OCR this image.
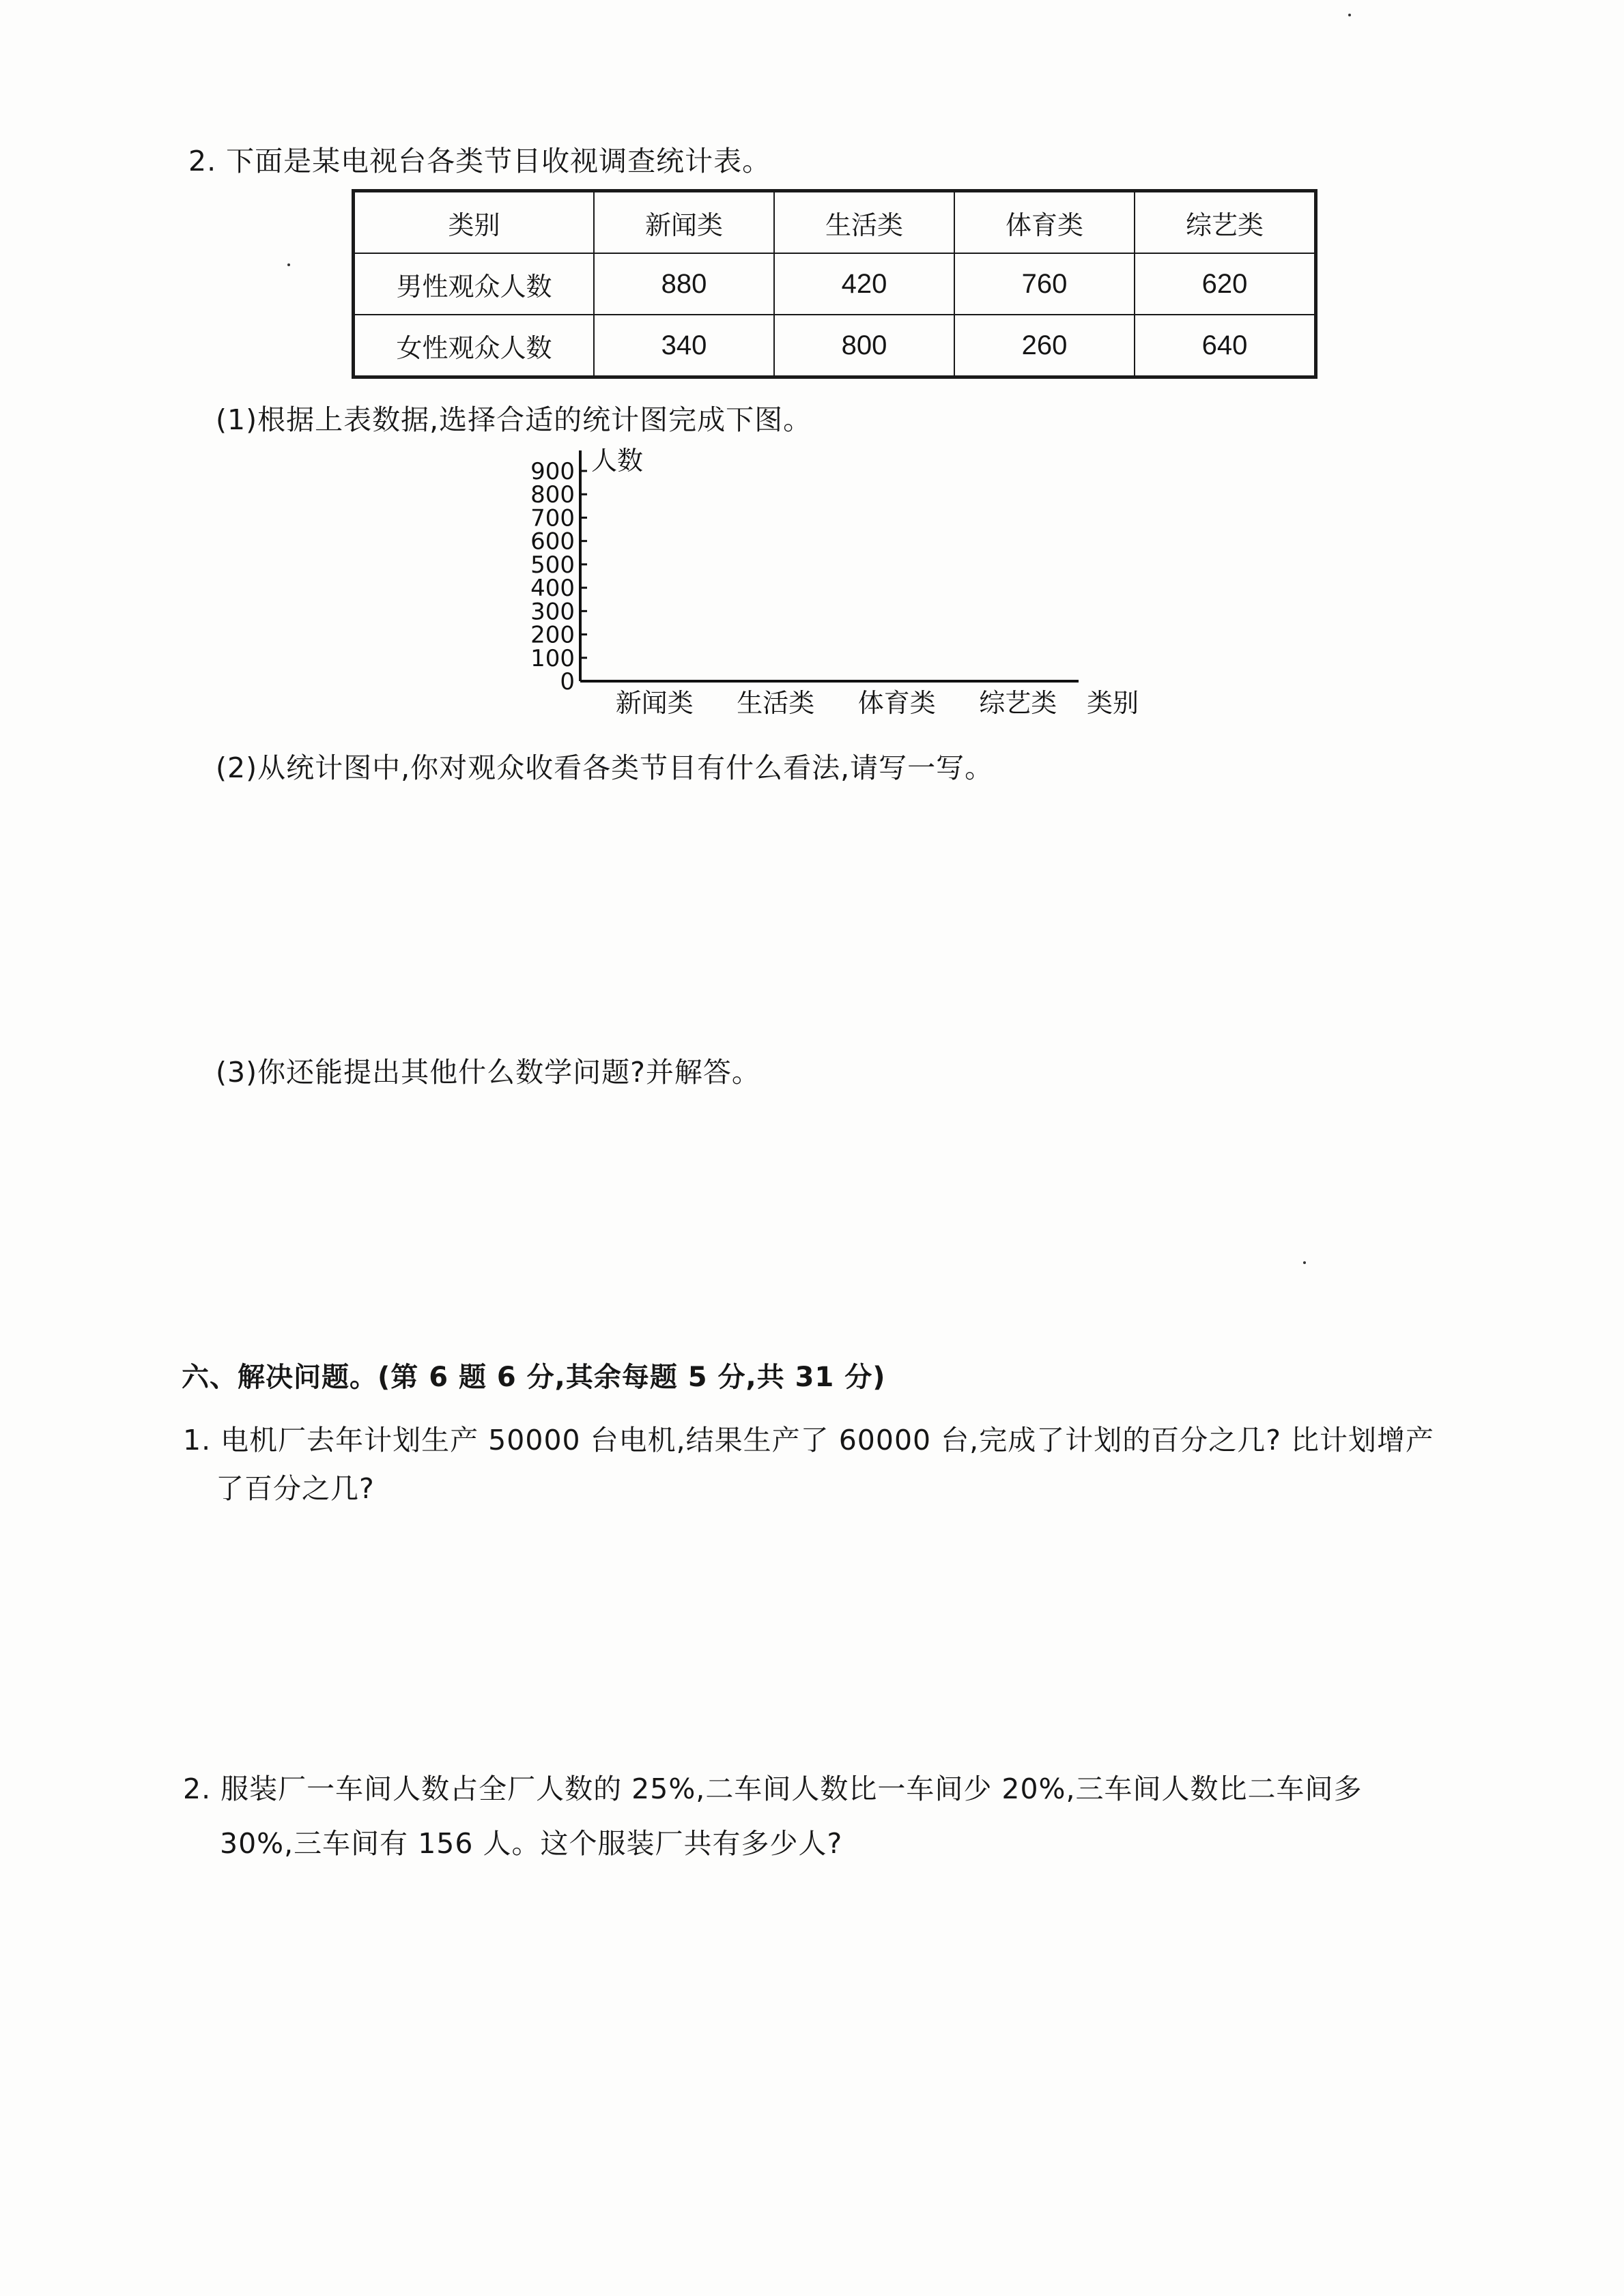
2. 下面是某电视台各类节目收视调查统计表。
类别	新闻类	生活类	体育类	综艺类
男性观众人数	880	420	760	620
女性观众人数	340	800	260	640
(1)根据上表数据,选择合适的统计图完成下图。
人数
类别
0
100
200
300
400
500
600
700
800
900
新闻类 生活类 体育类 综艺类
(2)从统计图中,你对观众收看各类节目有什么看法,请写一写。
(3)你还能提出其他什么数学问题?并解答。
六、解决问题。(第 6 题 6 分,其余每题 5 分,共 31 分)
1. 电机厂去年计划生产 50000 台电机,结果生产了 60000 台,完成了计划的百分之几? 比计划增产
了百分之几?
2. 服装厂一车间人数占全厂人数的 25%,二车间人数比一车间少 20%,三车间人数比二车间多
30%,三车间有 156 人。这个服装厂共有多少人?
